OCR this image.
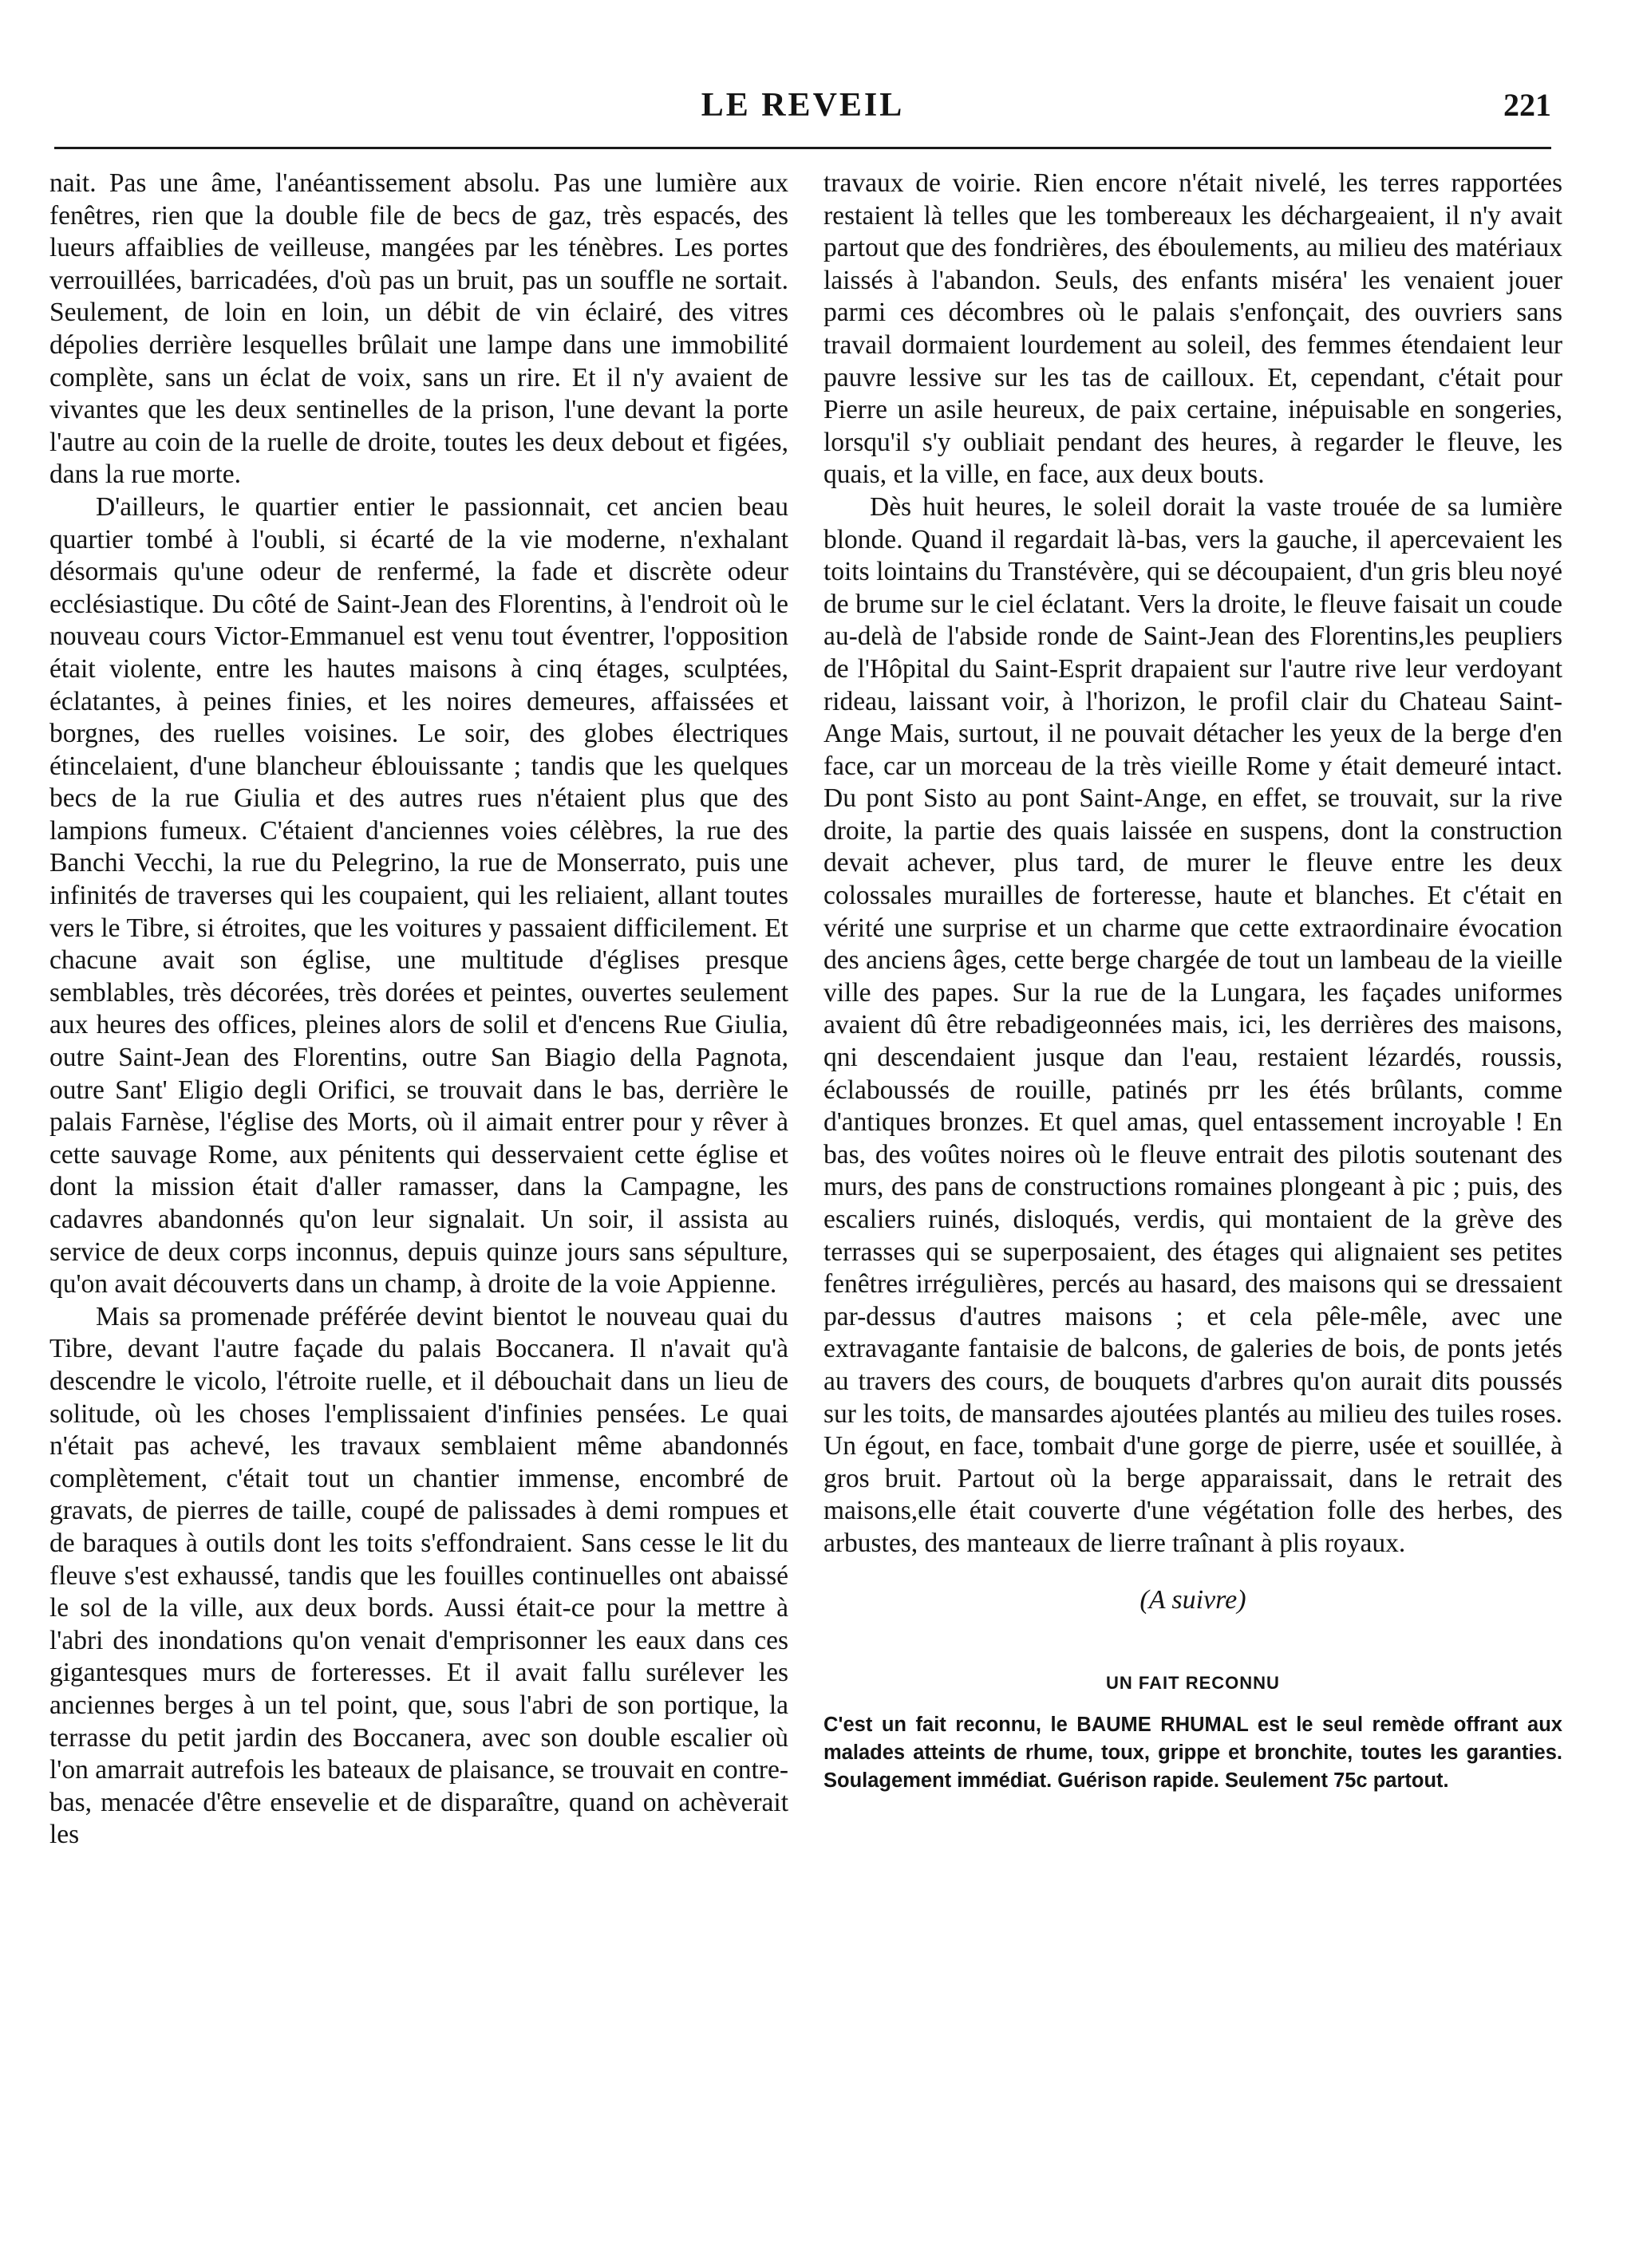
LE REVEIL	221

nait. Pas une âme, l'anéantissement absolu. Pas une lumière aux fenêtres, rien que la double file de becs de gaz, très espacés, des lueurs affaiblies de veilleuse, mangées par les ténèbres. Les portes verrouillées, barricadées, d'où pas un bruit, pas un souffle ne sortait. Seulement, de loin en loin, un débit de vin éclairé, des vitres dépolies derrière lesquelles brûlait une lampe dans une immobilité complète, sans un éclat de voix, sans un rire. Et il n'y avaient de vivantes que les deux sentinelles de la prison, l'une devant la porte l'autre au coin de la ruelle de droite, toutes les deux debout et figées, dans la rue morte.

D'ailleurs, le quartier entier le passionnait, cet ancien beau quartier tombé à l'oubli, si écarté de la vie moderne, n'exhalant désormais qu'une odeur de renfermé, la fade et discrète odeur ecclésiastique. Du côté de Saint-Jean des Florentins, à l'endroit où le nouveau cours Victor-Emmanuel est venu tout éventrer, l'opposition était violente, entre les hautes maisons à cinq étages, sculptées, éclatantes, à peines finies, et les noires demeures, affaissées et borgnes, des ruelles voisines. Le soir, des globes électriques étincelaient, d'une blancheur éblouissante ; tandis que les quelques becs de la rue Giulia et des autres rues n'étaient plus que des lampions fumeux. C'étaient d'anciennes voies célèbres, la rue des Banchi Vecchi, la rue du Pelegrino, la rue de Monserrato, puis une infinités de traverses qui les coupaient, qui les reliaient, allant toutes vers le Tibre, si étroites, que les voitures y passaient difficilement. Et chacune avait son église, une multitude d'églises presque semblables, très décorées, très dorées et peintes, ouvertes seulement aux heures des offices, pleines alors de solil et d'encens Rue Giulia, outre Saint-Jean des Florentins, outre San Biagio della Pagnota, outre Sant' Eligio degli Orifici, se trouvait dans le bas, derrière le palais Farnèse, l'église des Morts, où il aimait entrer pour y rêver à cette sauvage Rome, aux pénitents qui desservaient cette église et dont la mission était d'aller ramasser, dans la Campagne, les cadavres abandonnés qu'on leur signalait. Un soir, il assista au service de deux corps inconnus, depuis quinze jours sans sépulture, qu'on avait découverts dans un champ, à droite de la voie Appienne.

Mais sa promenade préférée devint bientot le nouveau quai du Tibre, devant l'autre façade du palais Boccanera. Il n'avait qu'à descendre le vicolo, l'étroite ruelle, et il débouchait dans un lieu de solitude, où les choses l'emplissaient d'infinies pensées. Le quai n'était pas achevé, les travaux semblaient même abandonnés complètement, c'était tout un chantier immense, encombré de gravats, de pierres de taille, coupé de palissades à demi rompues et de baraques à outils dont les toits s'effondraient. Sans cesse le lit du fleuve s'est exhaussé, tandis que les fouilles continuelles ont abaissé le sol de la ville, aux deux bords. Aussi était-ce pour la mettre à l'abri des inondations qu'on venait d'emprisonner les eaux dans ces gigantesques murs de forteresses. Et il avait fallu surélever les anciennes berges à un tel point, que, sous l'abri de son portique, la terrasse du petit jardin des Boccanera, avec son double escalier où l'on amarrait autrefois les bateaux de plaisance, se trouvait en contre-bas, menacée d'être ensevelie et de disparaître, quand on achèverait les

travaux de voirie. Rien encore n'était nivelé, les terres rapportées restaient là telles que les tombereaux les déchargeaient, il n'y avait partout que des fondrières, des éboulements, au milieu des matériaux laissés à l'abandon. Seuls, des enfants miséra' les venaient jouer parmi ces décombres où le palais s'enfonçait, des ouvriers sans travail dormaient lourdement au soleil, des femmes étendaient leur pauvre lessive sur les tas de cailloux. Et, cependant, c'était pour Pierre un asile heureux, de paix certaine, inépuisable en songeries, lorsqu'il s'y oubliait pendant des heures, à regarder le fleuve, les quais, et la ville, en face, aux deux bouts.

Dès huit heures, le soleil dorait la vaste trouée de sa lumière blonde. Quand il regardait là-bas, vers la gauche, il apercevaient les toits lointains du Transtévère, qui se découpaient, d'un gris bleu noyé de brume sur le ciel éclatant. Vers la droite, le fleuve faisait un coude au-delà de l'abside ronde de Saint-Jean des Florentins,les peupliers de l'Hôpital du Saint-Esprit drapaient sur l'autre rive leur verdoyant rideau, laissant voir, à l'horizon, le profil clair du Chateau Saint-Ange Mais, surtout, il ne pouvait détacher les yeux de la berge d'en face, car un morceau de la très vieille Rome y était demeuré intact. Du pont Sisto au pont Saint-Ange, en effet, se trouvait, sur la rive droite, la partie des quais laissée en suspens, dont la construction devait achever, plus tard, de murer le fleuve entre les deux colossales murailles de forteresse, haute et blanches. Et c'était en vérité une surprise et un charme que cette extraordinaire évocation des anciens âges, cette berge chargée de tout un lambeau de la vieille ville des papes. Sur la rue de la Lungara, les façades uniformes avaient dû être rebadigeonnées mais, ici, les derrières des maisons, qni descendaient jusque dan l'eau, restaient lézardés, roussis, éclaboussés de rouille, patinés prr les étés brûlants, comme d'antiques bronzes. Et quel amas, quel entassement incroyable ! En bas, des voûtes noires où le fleuve entrait des pilotis soutenant des murs, des pans de constructions romaines plongeant à pic ; puis, des escaliers ruinés, disloqués, verdis, qui montaient de la grève des terrasses qui se superposaient, des étages qui alignaient ses petites fenêtres irrégulières, percés au hasard, des maisons qui se dressaient par-dessus d'autres maisons ; et cela pêle-mêle, avec une extravagante fantaisie de balcons, de galeries de bois, de ponts jetés au travers des cours, de bouquets d'arbres qu'on aurait dits poussés sur les toits, de mansardes ajoutées plantés au milieu des tuiles roses. Un égout, en face, tombait d'une gorge de pierre, usée et souillée, à gros bruit. Partout où la berge apparaissait, dans le retrait des maisons,elle était couverte d'une végétation folle des herbes, des arbustes, des manteaux de lierre traînant à plis royaux.

(A suivre)

UN FAIT RECONNU

C'est un fait reconnu, le BAUME RHUMAL est le seul remède offrant aux malades atteints de rhume, toux, grippe et bronchite, toutes les garanties. Soulagement immédiat. Guérison rapide. Seulement 75c partout.
